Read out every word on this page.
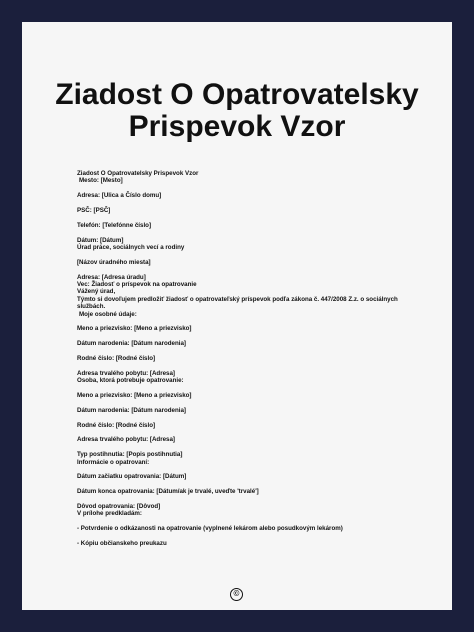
Ziadost O Opatrovatelsky
Prispevok Vzor
Ziadost O Opatrovatelsky Prispevok Vzor
Mesto: [Mesto]
Adresa: [Ulica a Číslo domu]
PSČ: [PSČ]
Telefón: [Telefónne číslo]
Dátum: [Dátum]
Úrad práce, sociálnych vecí a rodiny
[Názov úradného miesta]
Adresa: [Adresa úradu]
Vec: Žiadosť o príspevok na opatrovanie
Vážený úrad,
Týmto si dovoľujem predložiť žiadosť o opatrovateľský príspevok podľa zákona č. 447/2008 Z.z. o sociálnych službách.
Moje osobné údaje:
Meno a priezvisko: [Meno a priezvisko]
Dátum narodenia: [Dátum narodenia]
Rodné číslo: [Rodné číslo]
Adresa trvalého pobytu: [Adresa]
Osoba, ktorá potrebuje opatrovanie:
Meno a priezvisko: [Meno a priezvisko]
Dátum narodenia: [Dátum narodenia]
Rodné číslo: [Rodné číslo]
Adresa trvalého pobytu: [Adresa]
Typ postihnutia: [Popis postihnutia]
Informácie o opatrovaní:
Dátum začiatku opatrovania: [Dátum]
Dátum konca opatrovania: [Dátum/ak je trvalé, uveďte 'trvalé']
Dôvod opatrovania: [Dôvod]
V prílohe predkladám:
- Potvrdenie o odkázanosti na opatrovanie (vyplnené lekárom alebo posudkovým lekárom)
- Kópiu občianskeho preukazu
©
